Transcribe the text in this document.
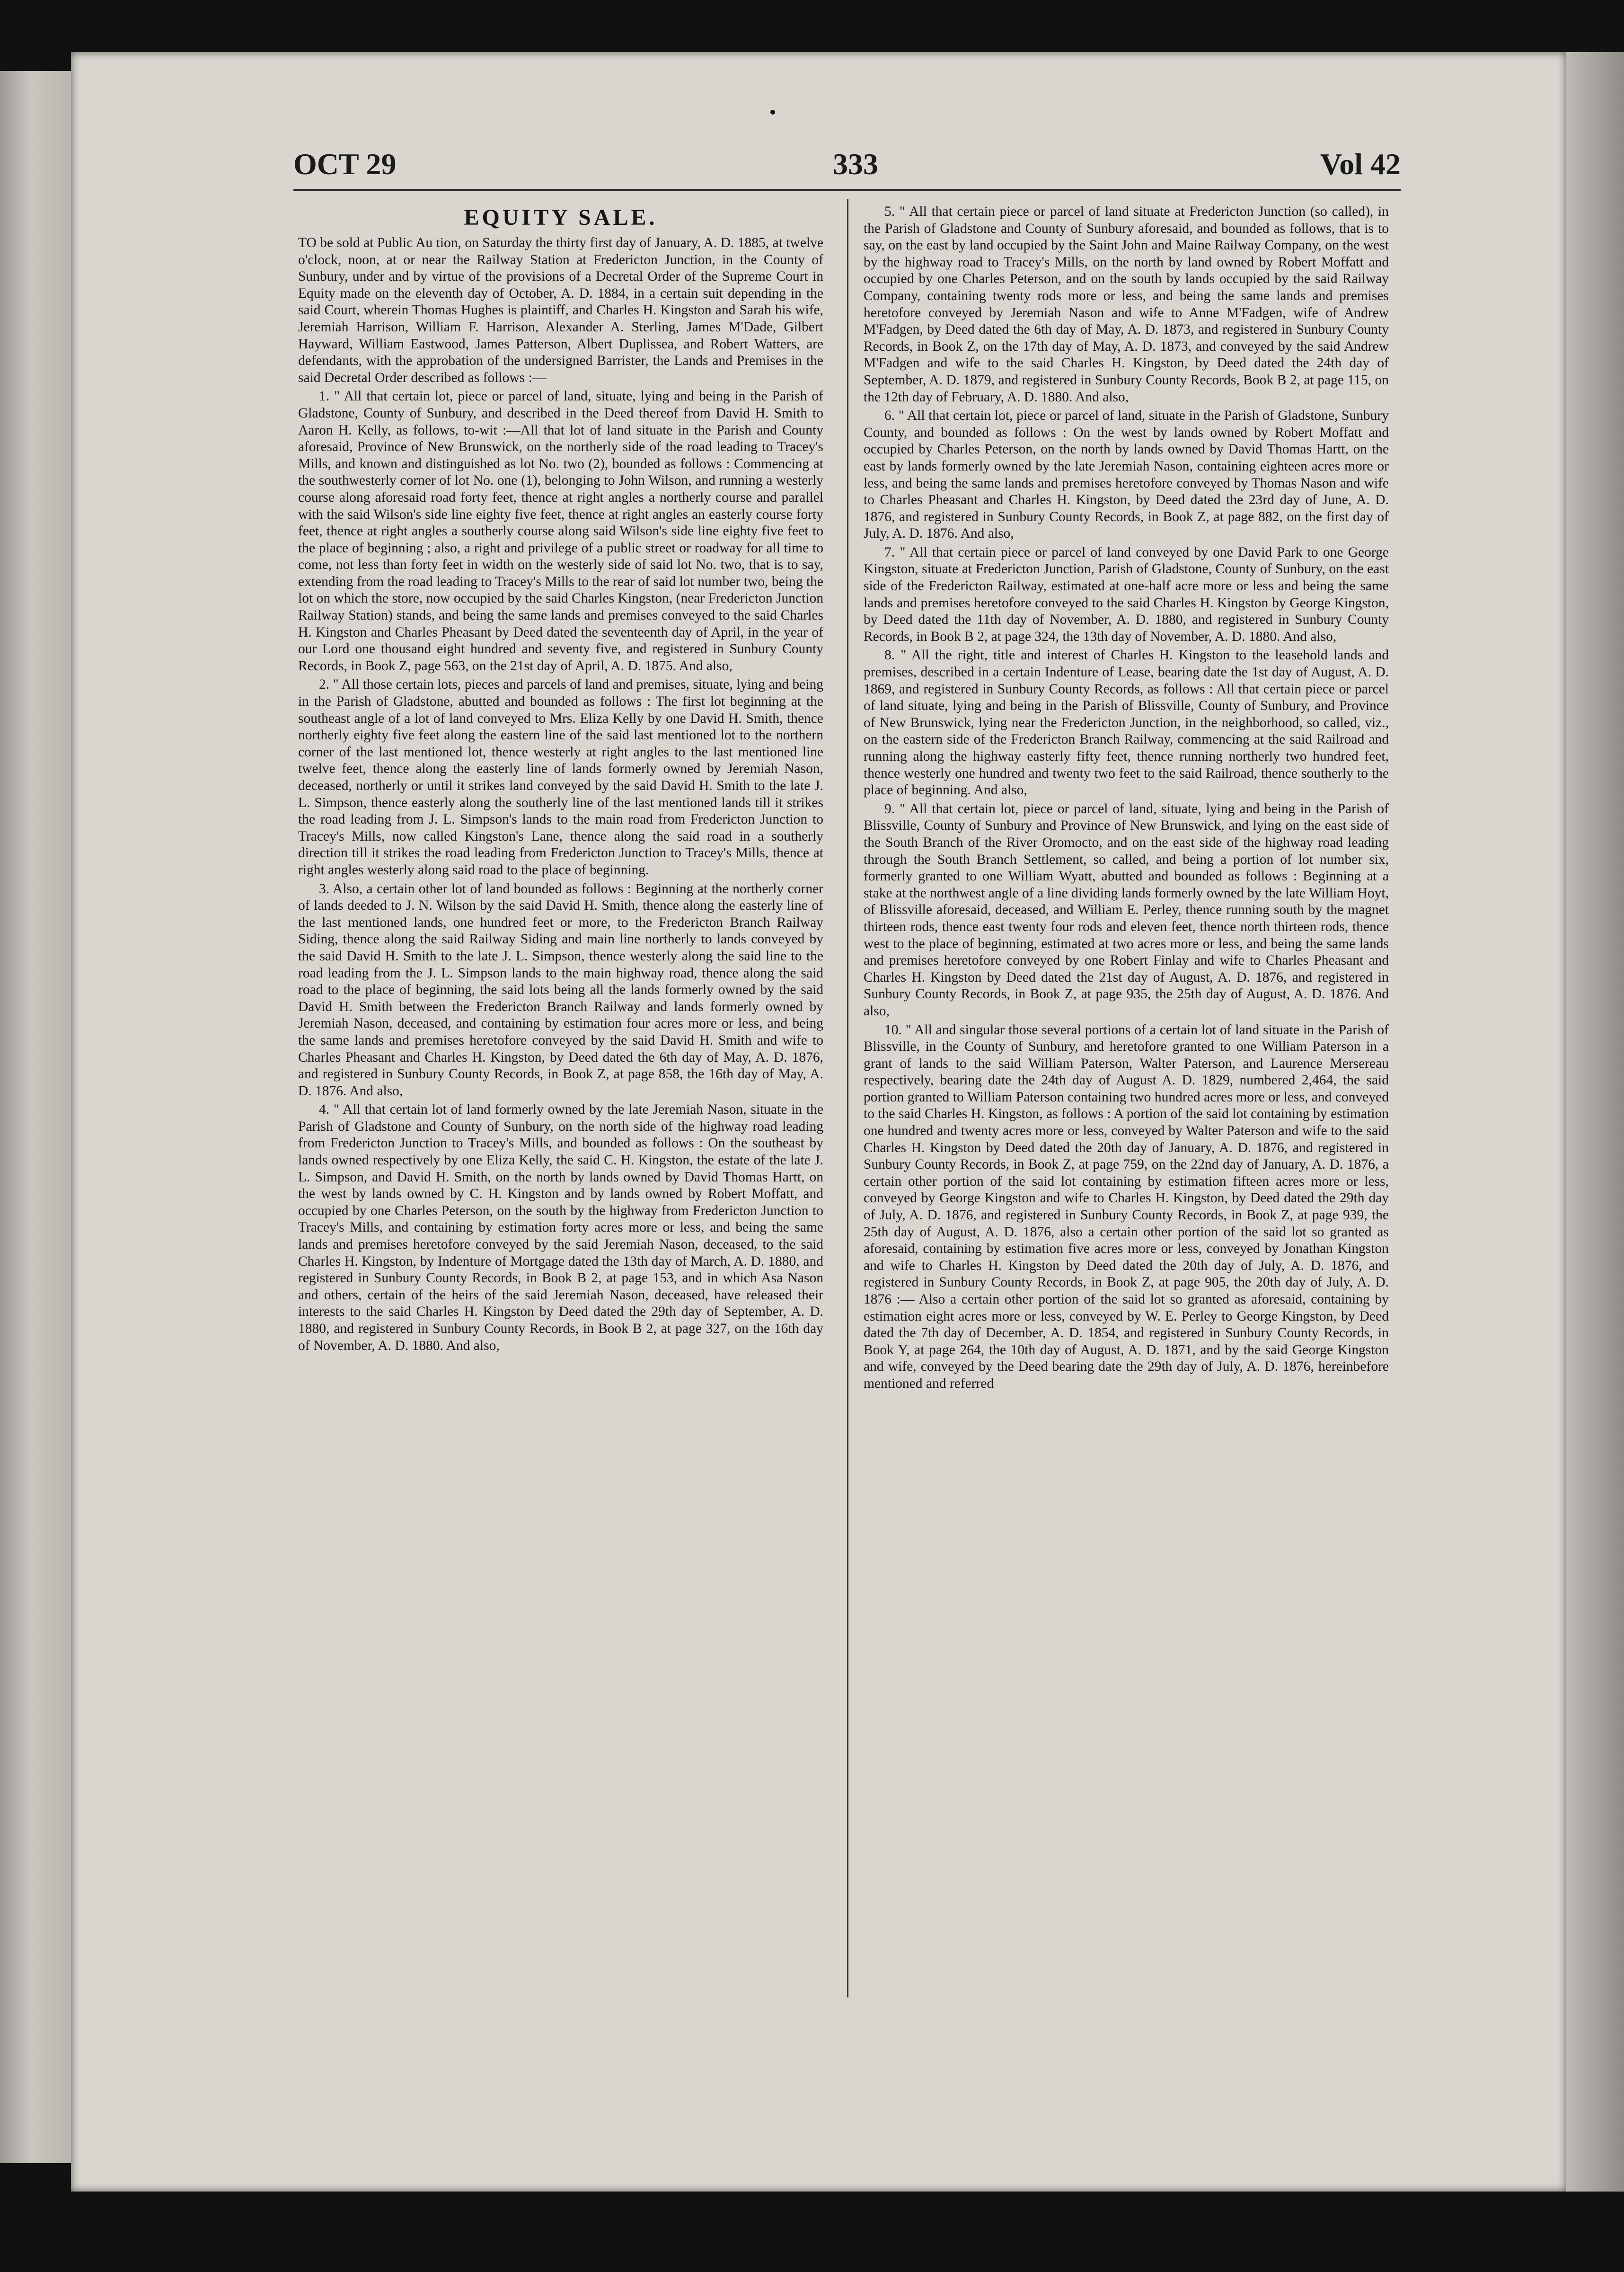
OCT 29	333	Vol 42
EQUITY SALE.

TO be sold at Public Au tion, on Saturday the thirty first day of January, A. D. 1885, at twelve o'clock, noon, at or near the Railway Station at Fredericton Junction, in the County of Sunbury, under and by virtue of the provisions of a Decretal Order of the Supreme Court in Equity made on the eleventh day of October, A. D. 1884, in a certain suit depending in the said Court, wherein Thomas Hughes is plaintiff, and Charles H. Kingston and Sarah his wife, Jeremiah Harrison, William F. Harrison, Alexander A. Sterling, James M'Dade, Gilbert Hayward, William Eastwood, James Patterson, Albert Duplissea, and Robert Watters, are defendants, with the approbation of the undersigned Barrister, the Lands and Premises in the said Decretal Order described as follows :—

1. " All that certain lot, piece or parcel of land, situate, lying and being in the Parish of Gladstone, County of Sunbury, and described in the Deed thereof from David H. Smith to Aaron H. Kelly, as follows, to-wit :—All that lot of land situate in the Parish and County aforesaid, Province of New Brunswick, on the northerly side of the road leading to Tracey's Mills, and known and distinguished as lot No. two (2), bounded as follows : Commencing at the southwesterly corner of lot No. one (1), belonging to John Wilson, and running a westerly course along aforesaid road forty feet, thence at right angles a northerly course and parallel with the said Wilson's side line eighty five feet, thence at right angles an easterly course forty feet, thence at right angles a southerly course along said Wilson's side line eighty five feet to the place of beginning ; also, a right and privilege of a public street or roadway for all time to come, not less than forty feet in width on the westerly side of said lot No. two, that is to say, extending from the road leading to Tracey's Mills to the rear of said lot number two, being the lot on which the store, now occupied by the said Charles Kingston, (near Fredericton Junction Railway Station) stands, and being the same lands and premises conveyed to the said Charles H. Kingston and Charles Pheasant by Deed dated the seventeenth day of April, in the year of our Lord one thousand eight hundred and seventy five, and registered in Sunbury County Records, in Book Z, page 563, on the 21st day of April, A. D. 1875. And also,

2. " All those certain lots, pieces and parcels of land and premises, situate, lying and being in the Parish of Gladstone, abutted and bounded as follows : The first lot beginning at the southeast angle of a lot of land conveyed to Mrs. Eliza Kelly by one David H. Smith, thence northerly eighty five feet along the eastern line of the said last mentioned lot to the northern corner of the last mentioned lot, thence westerly at right angles to the last mentioned line twelve feet, thence along the easterly line of lands formerly owned by Jeremiah Nason, deceased, northerly or until it strikes land conveyed by the said David H. Smith to the late J. L. Simpson, thence easterly along the southerly line of the last mentioned lands till it strikes the road leading from J. L. Simpson's lands to the main road from Fredericton Junction to Tracey's Mills, now called Kingston's Lane, thence along the said road in a southerly direction till it strikes the road leading from Fredericton Junction to Tracey's Mills, thence at right angles westerly along said road to the place of beginning.

3. Also, a certain other lot of land bounded as follows : Beginning at the northerly corner of lands deeded to J. N. Wilson by the said David H. Smith, thence along the easterly line of the last mentioned lands, one hundred feet or more, to the Fredericton Branch Railway Siding, thence along the said Railway Siding and main line northerly to lands conveyed by the said David H. Smith to the late J. L. Simpson, thence westerly along the said line to the road leading from the J. L. Simpson lands to the main highway road, thence along the said road to the place of beginning, the said lots being all the lands formerly owned by the said David H. Smith between the Fredericton Branch Railway and lands formerly owned by Jeremiah Nason, deceased, and containing by estimation four acres more or less, and being the same lands and premises heretofore conveyed by the said David H. Smith and wife to Charles Pheasant and Charles H. Kingston, by Deed dated the 6th day of May, A. D. 1876, and registered in Sunbury County Records, in Book Z, at page 858, the 16th day of May, A. D. 1876. And also,

4. " All that certain lot of land formerly owned by the late Jeremiah Nason, situate in the Parish of Gladstone and County of Sunbury, on the north side of the highway road leading from Fredericton Junction to Tracey's Mills, and bounded as follows : On the southeast by lands owned respectively by one Eliza Kelly, the said C. H. Kingston, the estate of the late J. L. Simpson, and David H. Smith, on the north by lands owned by David Thomas Hartt, on the west by lands owned by C. H. Kingston and by lands owned by Robert Moffatt, and occupied by one Charles Peterson, on the south by the highway from Fredericton Junction to Tracey's Mills, and containing by estimation forty acres more or less, and being the same lands and premises heretofore conveyed by the said Jeremiah Nason, deceased, to the said Charles H. Kingston, by Indenture of Mortgage dated the 13th day of March, A. D. 1880, and registered in Sunbury County Records, in Book B 2, at page 153, and in which Asa Nason and others, certain of the heirs of the said Jeremiah Nason, deceased, have released their interests to the said Charles H. Kingston by Deed dated the 29th day of September, A. D. 1880, and registered in Sunbury County Records, in Book B 2, at page 327, on the 16th day of November, A. D. 1880. And also,

5. " All that certain piece or parcel of land situate at Fredericton Junction (so called), in the Parish of Gladstone and County of Sunbury aforesaid, and bounded as follows, that is to say, on the east by land occupied by the Saint John and Maine Railway Company, on the west by the highway road to Tracey's Mills, on the north by land owned by Robert Moffatt and occupied by one Charles Peterson, and on the south by lands occupied by the said Railway Company, containing twenty rods more or less, and being the same lands and premises heretofore conveyed by Jeremiah Nason and wife to Anne M'Fadgen, wife of Andrew M'Fadgen, by Deed dated the 6th day of May, A. D. 1873, and registered in Sunbury County Records, in Book Z, on the 17th day of May, A. D. 1873, and conveyed by the said Andrew M'Fadgen and wife to the said Charles H. Kingston, by Deed dated the 24th day of September, A. D. 1879, and registered in Sunbury County Records, Book B 2, at page 115, on the 12th day of February, A. D. 1880. And also,

6. " All that certain lot, piece or parcel of land, situate in the Parish of Gladstone, Sunbury County, and bounded as follows : On the west by lands owned by Robert Moffatt and occupied by Charles Peterson, on the north by lands owned by David Thomas Hartt, on the east by lands formerly owned by the late Jeremiah Nason, containing eighteen acres more or less, and being the same lands and premises heretofore conveyed by Thomas Nason and wife to Charles Pheasant and Charles H. Kingston, by Deed dated the 23rd day of June, A. D. 1876, and registered in Sunbury County Records, in Book Z, at page 882, on the first day of July, A. D. 1876. And also,

7. " All that certain piece or parcel of land conveyed by one David Park to one George Kingston, situate at Fredericton Junction, Parish of Gladstone, County of Sunbury, on the east side of the Fredericton Railway, estimated at one-half acre more or less and being the same lands and premises heretofore conveyed to the said Charles H. Kingston by George Kingston, by Deed dated the 11th day of November, A. D. 1880, and registered in Sunbury County Records, in Book B 2, at page 324, the 13th day of November, A. D. 1880. And also,

8. " All the right, title and interest of Charles H. Kingston to the leasehold lands and premises, described in a certain Indenture of Lease, bearing date the 1st day of August, A. D. 1869, and registered in Sunbury County Records, as follows : All that certain piece or parcel of land situate, lying and being in the Parish of Blissville, County of Sunbury, and Province of New Brunswick, lying near the Fredericton Junction, in the neighborhood, so called, viz., on the eastern side of the Fredericton Branch Railway, commencing at the said Railroad and running along the highway easterly fifty feet, thence running northerly two hundred feet, thence westerly one hundred and twenty two feet to the said Railroad, thence southerly to the place of beginning. And also,

9. " All that certain lot, piece or parcel of land, situate, lying and being in the Parish of Blissville, County of Sunbury and Province of New Brunswick, and lying on the east side of the South Branch of the River Oromocto, and on the east side of the highway road leading through the South Branch Settlement, so called, and being a portion of lot number six, formerly granted to one William Wyatt, abutted and bounded as follows : Beginning at a stake at the northwest angle of a line dividing lands formerly owned by the late William Hoyt, of Blissville aforesaid, deceased, and William E. Perley, thence running south by the magnet thirteen rods, thence east twenty four rods and eleven feet, thence north thirteen rods, thence west to the place of beginning, estimated at two acres more or less, and being the same lands and premises heretofore conveyed by one Robert Finlay and wife to Charles Pheasant and Charles H. Kingston by Deed dated the 21st day of August, A. D. 1876, and registered in Sunbury County Records, in Book Z, at page 935, the 25th day of August, A. D. 1876. And also,

10. " All and singular those several portions of a certain lot of land situate in the Parish of Blissville, in the County of Sunbury, and heretofore granted to one William Paterson in a grant of lands to the said William Paterson, Walter Paterson, and Laurence Mersereau respectively, bearing date the 24th day of August A. D. 1829, numbered 2,464, the said portion granted to William Paterson containing two hundred acres more or less, and conveyed to the said Charles H. Kingston, as follows : A portion of the said lot containing by estimation one hundred and twenty acres more or less, conveyed by Walter Paterson and wife to the said Charles H. Kingston by Deed dated the 20th day of January, A. D. 1876, and registered in Sunbury County Records, in Book Z, at page 759, on the 22nd day of January, A. D. 1876, a certain other portion of the said lot containing by estimation fifteen acres more or less, conveyed by George Kingston and wife to Charles H. Kingston, by Deed dated the 29th day of July, A. D. 1876, and registered in Sunbury County Records, in Book Z, at page 939, the 25th day of August, A. D. 1876, also a certain other portion of the said lot so granted as aforesaid, containing by estimation five acres more or less, conveyed by Jonathan Kingston and wife to Charles H. Kingston by Deed dated the 20th day of July, A. D. 1876, and registered in Sunbury County Records, in Book Z, at page 905, the 20th day of July, A. D. 1876 :— Also a certain other portion of the said lot so granted as aforesaid, containing by estimation eight acres more or less, conveyed by W. E. Perley to George Kingston, by Deed dated the 7th day of December, A. D. 1854, and registered in Sunbury County Records, in Book Y, at page 264, the 10th day of August, A. D. 1871, and by the said George Kingston and wife, conveyed by the Deed bearing date the 29th day of July, A. D. 1876, hereinbefore mentioned and referred
